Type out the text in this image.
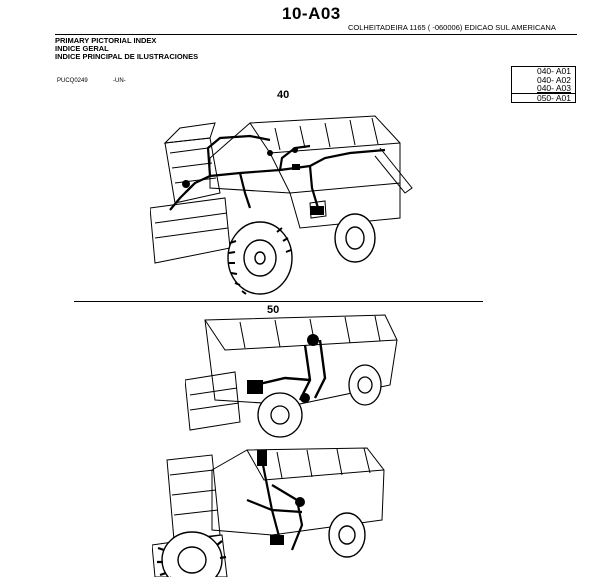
10-A03
COLHEITADEIRA 1165 ( -060006) EDICAO SUL AMERICANA
PRIMARY PICTORIAL INDEX
INDICE GERAL
INDICE PRINCIPAL DE ILUSTRACIONES
PUCQ0249	-UN-
040- A01
040- A02
040- A03
050- A01
40
50
